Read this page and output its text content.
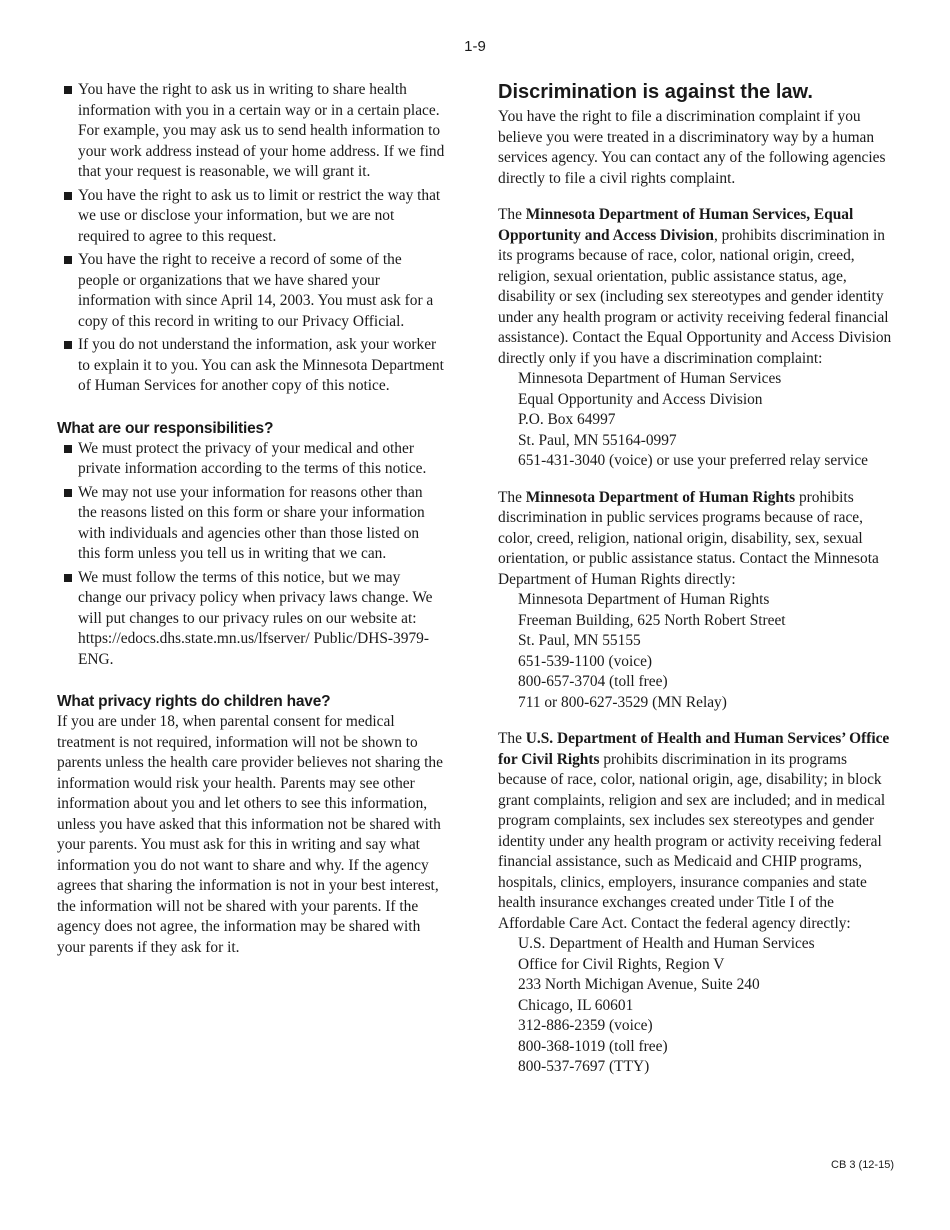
1-9
You have the right to ask us in writing to share health information with you in a certain way or in a certain place. For example, you may ask us to send health information to your work address instead of your home address. If we find that your request is reasonable, we will grant it.
You have the right to ask us to limit or restrict the way that we use or disclose your information, but we are not required to agree to this request.
You have the right to receive a record of some of the people or organizations that we have shared your information with since April 14, 2003. You must ask for a copy of this record in writing to our Privacy Official.
If you do not understand the information, ask your worker to explain it to you. You can ask the Minnesota Department of Human Services for another copy of this notice.
What are our responsibilities?
We must protect the privacy of your medical and other private information according to the terms of this notice.
We may not use your information for reasons other than the reasons listed on this form or share your information with individuals and agencies other than those listed on this form unless you tell us in writing that we can.
We must follow the terms of this notice, but we may change our privacy policy when privacy laws change. We will put changes to our privacy rules on our website at: https://edocs.dhs.state.mn.us/lfserver/ Public/DHS-3979-ENG.
What privacy rights do children have?

If you are under 18, when parental consent for medical treatment is not required, information will not be shown to parents unless the health care provider believes not sharing the information would risk your health. Parents may see other information about you and let others to see this information, unless you have asked that this information not be shared with your parents. You must ask for this in writing and say what information you do not want to share and why. If the agency agrees that sharing the information is not in your best interest, the information will not be shared with your parents. If the agency does not agree, the information may be shared with your parents if they ask for it.

Discrimination is against the law.

You have the right to file a discrimination complaint if you believe you were treated in a discriminatory way by a human services agency. You can contact any of the following agencies directly to file a civil rights complaint.

The Minnesota Department of Human Services, Equal Opportunity and Access Division, prohibits discrimination in its programs because of race, color, national origin, creed, religion, sexual orientation, public assistance status, age, disability or sex (including sex stereotypes and gender identity under any health program or activity receiving federal financial assistance). Contact the Equal Opportunity and Access Division directly only if you have a discrimination complaint:

Minnesota Department of Human Services
Equal Opportunity and Access Division
P.O. Box 64997
St. Paul, MN 55164-0997
651-431-3040 (voice) or use your preferred relay service

The Minnesota Department of Human Rights prohibits discrimination in public services programs because of race, color, creed, religion, national origin, disability, sex, sexual orientation, or public assistance status. Contact the Minnesota Department of Human Rights directly:

Minnesota Department of Human Rights
Freeman Building, 625 North Robert Street
St. Paul, MN 55155
651-539-1100 (voice)
800-657-3704 (toll free)
711 or 800-627-3529 (MN Relay)

The U.S. Department of Health and Human Services’ Office for Civil Rights prohibits discrimination in its programs because of race, color, national origin, age, disability; in block grant complaints, religion and sex are included; and in medical program complaints, sex includes sex stereotypes and gender identity under any health program or activity receiving federal financial assistance, such as Medicaid and CHIP programs, hospitals, clinics, employers, insurance companies and state health insurance exchanges created under Title I of the Affordable Care Act. Contact the federal agency directly:

U.S. Department of Health and Human Services
Office for Civil Rights, Region V
233 North Michigan Avenue, Suite 240
Chicago, IL 60601
312-886-2359 (voice)
800-368-1019 (toll free)
800-537-7697 (TTY)
CB 3 (12-15)
